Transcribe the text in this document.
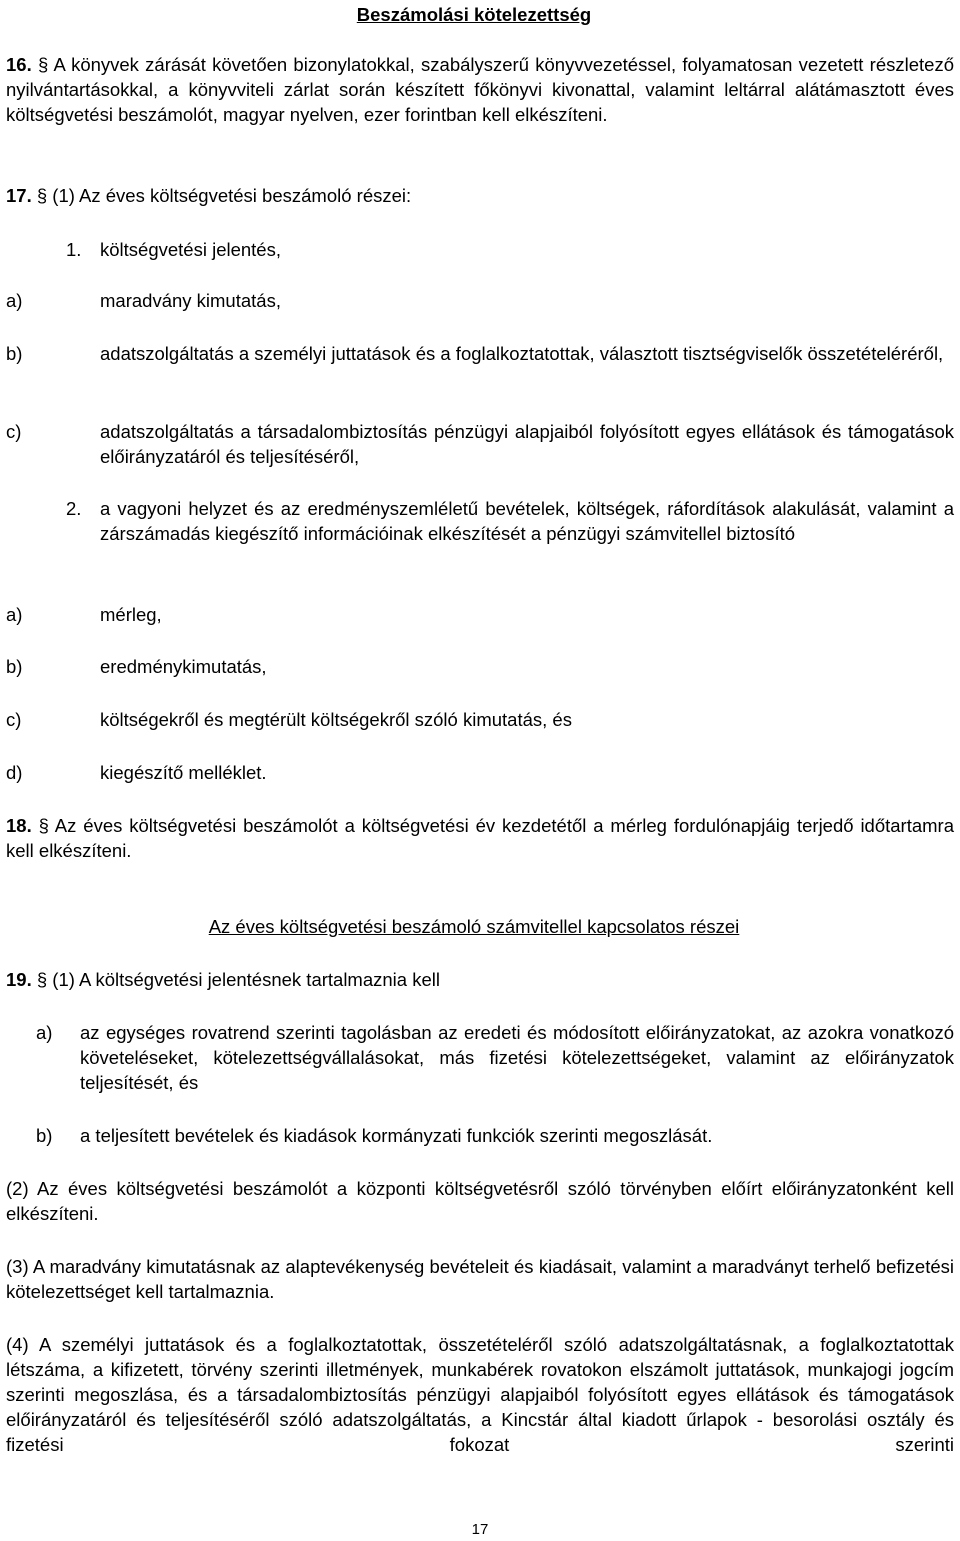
Beszámolási kötelezettség
16. § A könyvek zárását követően bizonylatokkal, szabályszerű könyvvezetéssel, folyamatosan vezetett részletező nyilvántartásokkal, a könyvviteli zárlat során készített főkönyvi kivonattal, valamint leltárral alátámasztott éves költségvetési beszámolót, magyar nyelven, ezer forintban kell elkészíteni.
17. § (1) Az éves költségvetési beszámoló részei:
1. költségvetési jelentés,
a)	maradvány kimutatás,
b)	adatszolgáltatás a személyi juttatások és a foglalkoztatottak, választott tisztségviselők összetételéréről,
c)	adatszolgáltatás a társadalombiztosítás pénzügyi alapjaiból folyósított egyes ellátások és támogatások előirányzatáról és teljesítéséről,
2. a vagyoni helyzet és az eredményszemléletű bevételek, költségek, ráfordítások alakulását, valamint a zárszámadás kiegészítő információinak elkészítését a pénzügyi számvitellel biztosító
a)	mérleg,
b)	eredménykimutatás,
c)	költségekről és megtérült költségekről szóló kimutatás, és
d)	kiegészítő melléklet.
18. § Az éves költségvetési beszámolót a költségvetési év kezdetétől a mérleg fordulónapjáig terjedő időtartamra kell elkészíteni.
Az éves költségvetési beszámoló számvitellel kapcsolatos részei
19. § (1) A költségvetési jelentésnek tartalmaznia kell
a) az egységes rovatrend szerinti tagolásban az eredeti és módosított előirányzatokat, az azokra vonatkozó követeléseket, kötelezettségvállalásokat, más fizetési kötelezettségeket, valamint az előirányzatok teljesítését, és
b) a teljesített bevételek és kiadások kormányzati funkciók szerinti megoszlását.
(2) Az éves költségvetési beszámolót a központi költségvetésről szóló törvényben előírt előirányzatonként kell elkészíteni.
(3) A maradvány kimutatásnak az alaptevékenység bevételeit és kiadásait, valamint a maradványt terhelő befizetési kötelezettséget kell tartalmaznia.
(4) A személyi juttatások és a foglalkoztatottak, összetételéről szóló adatszolgáltatásnak, a foglalkoztatottak létszáma, a kifizetett, törvény szerinti illetmények, munkabérek rovatokon elszámolt juttatások, munkajogi jogcím szerinti megoszlása, és a társadalombiztosítás pénzügyi alapjaiból folyósított egyes ellátások és támogatások előirányzatáról és teljesítéséről szóló adatszolgáltatás, a Kincstár által kiadott űrlapok - besorolási osztály és fizetési fokozat szerinti
17
